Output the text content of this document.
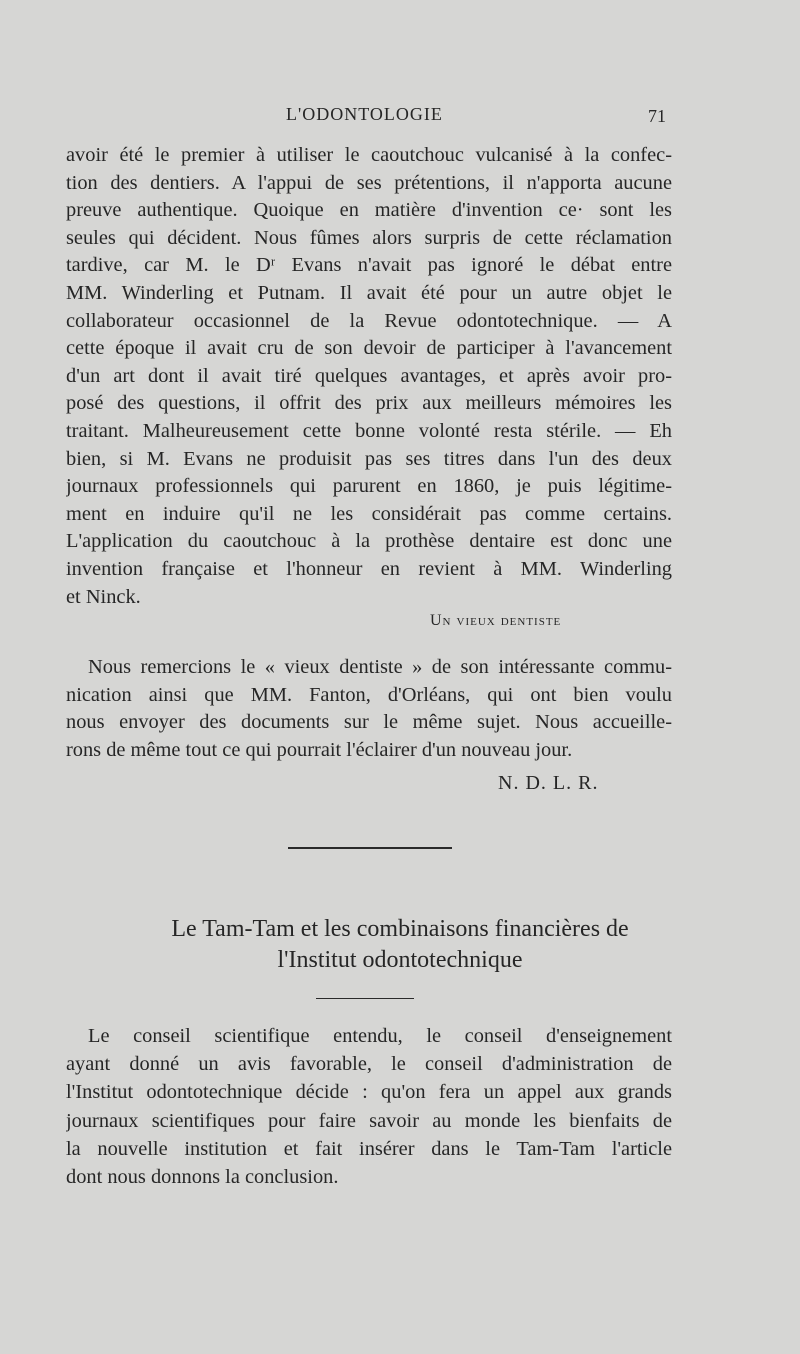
L'ODONTOLOGIE	71
avoir été le premier à utiliser le caoutchouc vulcanisé à la confec-
tion des dentiers. A l'appui de ses prétentions, il n'apporta aucune
preuve authentique. Quoique en matière d'invention ce· sont les
seules qui décident. Nous fûmes alors surpris de cette réclamation
tardive, car M. le Dʳ Evans n'avait pas ignoré le débat entre
MM. Winderling et Putnam. Il avait été pour un autre objet le
collaborateur occasionnel de la Revue odontotechnique. — A
cette époque il avait cru de son devoir de participer à l'avancement
d'un art dont il avait tiré quelques avantages, et après avoir pro-
posé des questions, il offrit des prix aux meilleurs mémoires les
traitant. Malheureusement cette bonne volonté resta stérile. — Eh
bien, si M. Evans ne produisit pas ses titres dans l'un des deux
journaux professionnels qui parurent en 1860, je puis légitime-
ment en induire qu'il ne les considérait pas comme certains.
L'application du caoutchouc à la prothèse dentaire est donc une
invention française et l'honneur en revient à MM. Winderling
et Ninck.
Un vieux dentiste
Nous remercions le « vieux dentiste » de son intéressante commu-
nication ainsi que MM. Fanton, d'Orléans, qui ont bien voulu
nous envoyer des documents sur le même sujet. Nous accueille-
rons de même tout ce qui pourrait l'éclairer d'un nouveau jour.
N. D. L. R.
Le Tam-Tam et les combinaisons financières de
l'Institut odontotechnique
Le conseil scientifique entendu, le conseil d'enseignement
ayant donné un avis favorable, le conseil d'administration de
l'Institut odontotechnique décide : qu'on fera un appel aux grands
journaux scientifiques pour faire savoir au monde les bienfaits de
la nouvelle institution et fait insérer dans le Tam-Tam l'article
dont nous donnons la conclusion.
